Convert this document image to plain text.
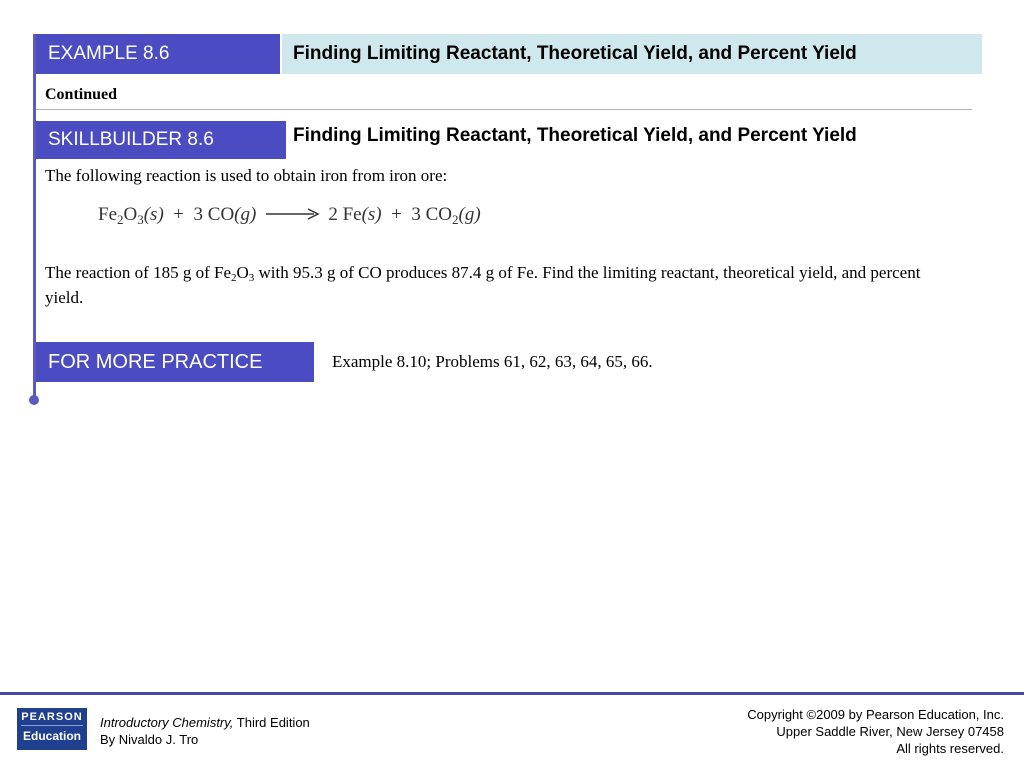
EXAMPLE 8.6	Finding Limiting Reactant, Theoretical Yield, and Percent Yield
Continued
SKILLBUILDER 8.6	Finding Limiting Reactant, Theoretical Yield, and Percent Yield
The following reaction is used to obtain iron from iron ore:
$Fe_2O_3(s)$
+
3 CO(g) → 2 Fe(s)
+
3 $CO_2(g)$
The reaction of 185 g of $Fe_2O_3$ with 95.3 g of CO produces 87.4 g of Fe. Find the limiting reactant, theoretical yield, and percent yield.
FOR MORE PRACTICE	Example 8.10; Problems 61, 62, 63, 64, 65, 66.
PEARSON
Education
Introductory Chemistry, Third Edition
By Nivaldo J. Tro
Copyright ©2009 by Pearson Education, Inc.
Upper Saddle River, New Jersey 07458
All rights reserved.
